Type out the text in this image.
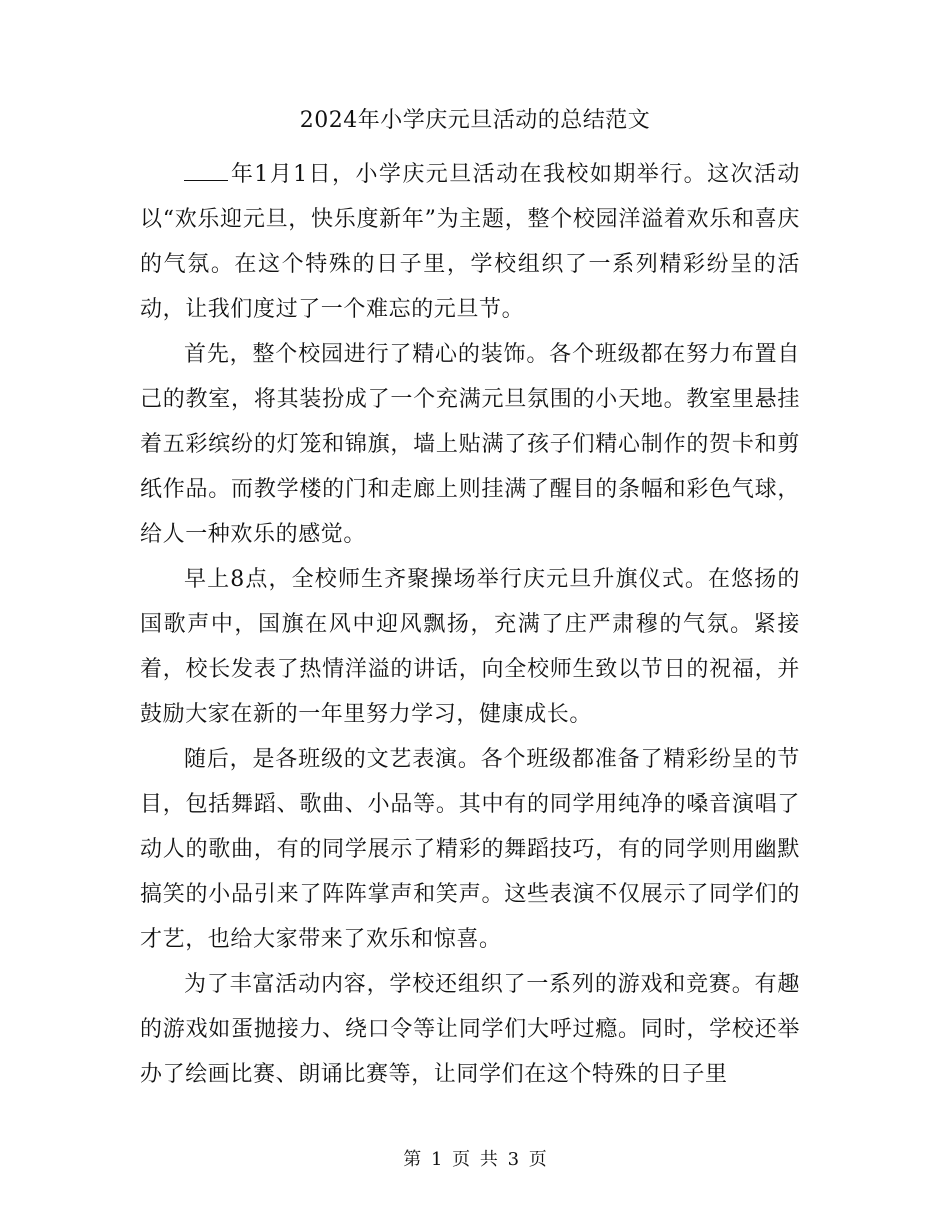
2024年小学庆元旦活动的总结范文

年1月1日，小学庆元旦活动在我校如期举行。这次活动以“欢乐迎元旦，快乐度新年”为主题，整个校园洋溢着欢乐和喜庆的气氛。在这个特殊的日子里，学校组织了一系列精彩纷呈的活动，让我们度过了一个难忘的元旦节。

首先，整个校园进行了精心的装饰。各个班级都在努力布置自己的教室，将其装扮成了一个充满元旦氛围的小天地。教室里悬挂着五彩缤纷的灯笼和锦旗，墙上贴满了孩子们精心制作的贺卡和剪纸作品。而教学楼的门和走廊上则挂满了醒目的条幅和彩色气球，给人一种欢乐的感觉。

早上8点，全校师生齐聚操场举行庆元旦升旗仪式。在悠扬的国歌声中，国旗在风中迎风飘扬，充满了庄严肃穆的气氛。紧接着，校长发表了热情洋溢的讲话，向全校师生致以节日的祝福，并鼓励大家在新的一年里努力学习，健康成长。

随后，是各班级的文艺表演。各个班级都准备了精彩纷呈的节目，包括舞蹈、歌曲、小品等。其中有的同学用纯净的嗓音演唱了动人的歌曲，有的同学展示了精彩的舞蹈技巧，有的同学则用幽默搞笑的小品引来了阵阵掌声和笑声。这些表演不仅展示了同学们的才艺，也给大家带来了欢乐和惊喜。

为了丰富活动内容，学校还组织了一系列的游戏和竞赛。有趣的游戏如蛋抛接力、绕口令等让同学们大呼过瘾。同时，学校还举办了绘画比赛、朗诵比赛等，让同学们在这个特殊的日子里

第 1 页 共 3 页
